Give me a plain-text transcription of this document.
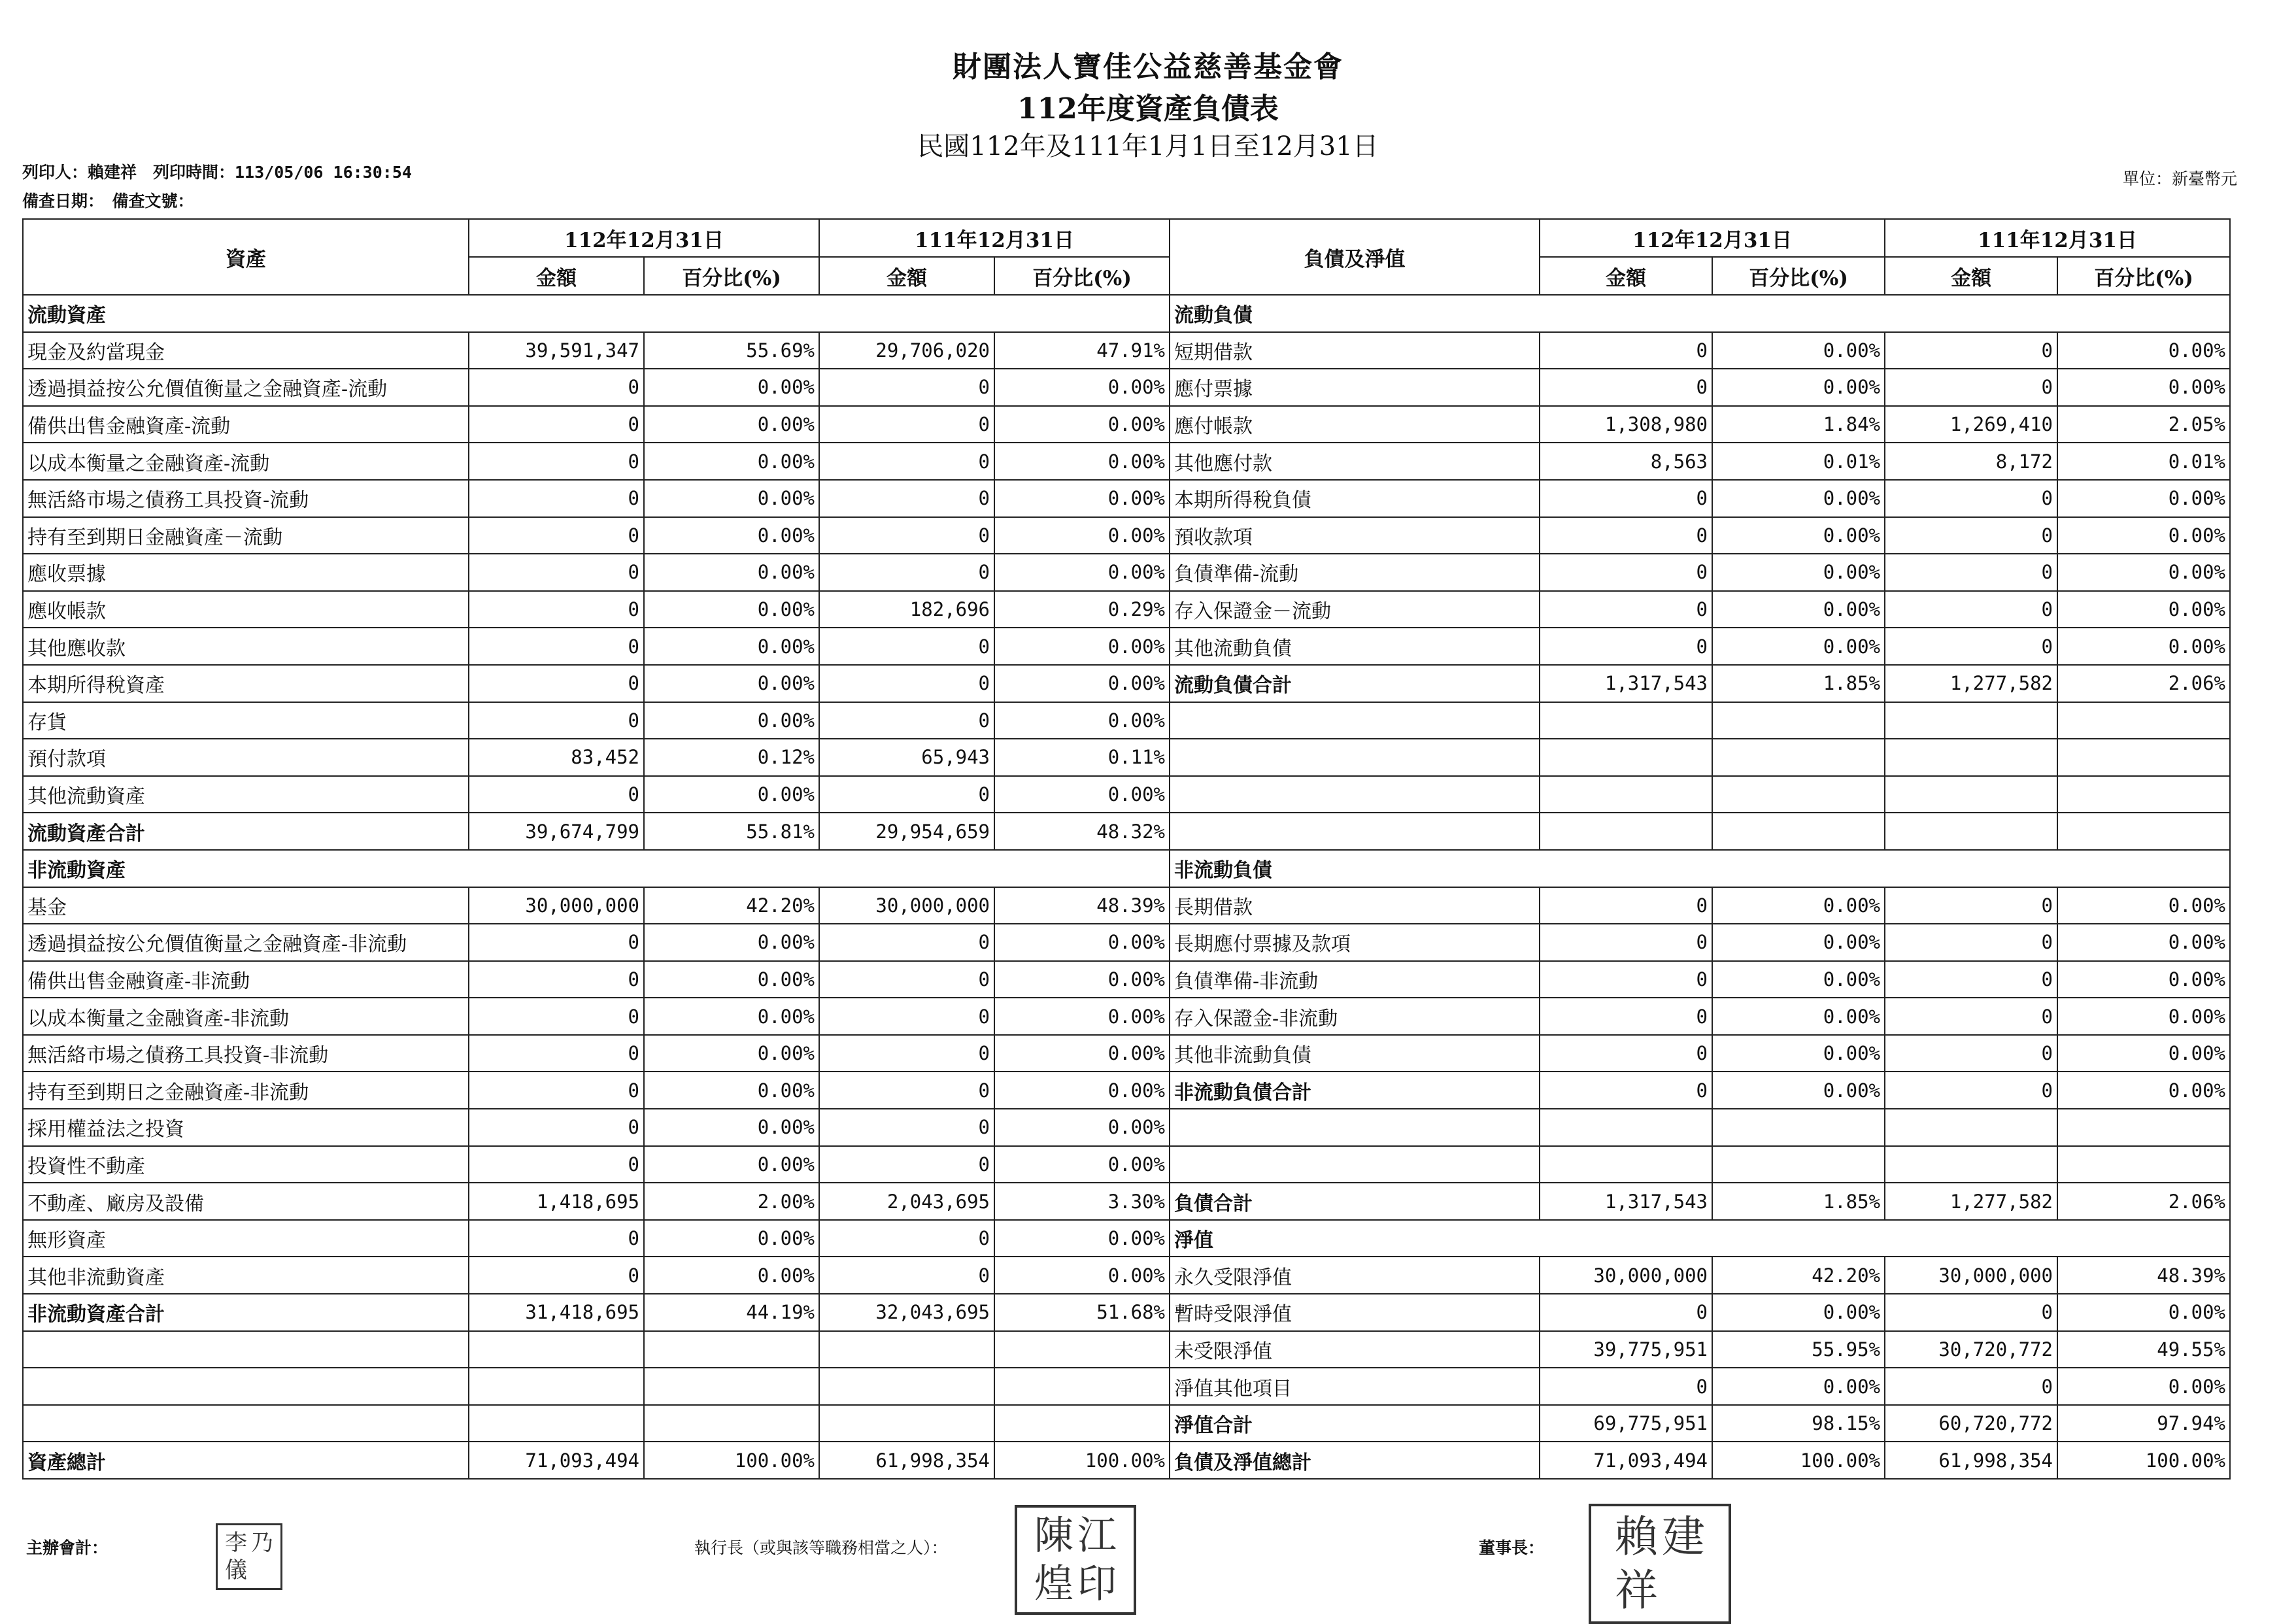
財團法人寶佳公益慈善基金會
112年度資產負債表
民國112年及111年1月1日至12月31日
列印人：賴建祥　列印時間：113/05/06 16:30:54
備查日期：　備查文號：
單位：新臺幣元
資產	112年12月31日		111年12月31日		負債及淨值	112年12月31日		111年12月31日	
	金額	百分比(%)	金額	百分比(%)		金額	百分比(%)	金額	百分比(%)
流動資產					流動負債				
現金及約當現金	39,591,347	55.69%	29,706,020	47.91%	短期借款	0	0.00%	0	0.00%
透過損益按公允價值衡量之金融資產-流動	0	0.00%	0	0.00%	應付票據	0	0.00%	0	0.00%
備供出售金融資產-流動	0	0.00%	0	0.00%	應付帳款	1,308,980	1.84%	1,269,410	2.05%
以成本衡量之金融資產-流動	0	0.00%	0	0.00%	其他應付款	8,563	0.01%	8,172	0.01%
無活絡市場之債務工具投資-流動	0	0.00%	0	0.00%	本期所得稅負債	0	0.00%	0	0.00%
持有至到期日金融資產－流動	0	0.00%	0	0.00%	預收款項	0	0.00%	0	0.00%
應收票據	0	0.00%	0	0.00%	負債準備-流動	0	0.00%	0	0.00%
應收帳款	0	0.00%	182,696	0.29%	存入保證金－流動	0	0.00%	0	0.00%
其他應收款	0	0.00%	0	0.00%	其他流動負債	0	0.00%	0	0.00%
本期所得稅資產	0	0.00%	0	0.00%	流動負債合計	1,317,543	1.85%	1,277,582	2.06%
存貨	0	0.00%	0	0.00%					
預付款項	83,452	0.12%	65,943	0.11%					
其他流動資產	0	0.00%	0	0.00%					
流動資產合計	39,674,799	55.81%	29,954,659	48.32%					
非流動資產					非流動負債				
基金	30,000,000	42.20%	30,000,000	48.39%	長期借款	0	0.00%	0	0.00%
透過損益按公允價值衡量之金融資產-非流動	0	0.00%	0	0.00%	長期應付票據及款項	0	0.00%	0	0.00%
備供出售金融資產-非流動	0	0.00%	0	0.00%	負債準備-非流動	0	0.00%	0	0.00%
以成本衡量之金融資產-非流動	0	0.00%	0	0.00%	存入保證金-非流動	0	0.00%	0	0.00%
無活絡市場之債務工具投資-非流動	0	0.00%	0	0.00%	其他非流動負債	0	0.00%	0	0.00%
持有至到期日之金融資產-非流動	0	0.00%	0	0.00%	非流動負債合計	0	0.00%	0	0.00%
採用權益法之投資	0	0.00%	0	0.00%					
投資性不動產	0	0.00%	0	0.00%					
不動產、廠房及設備	1,418,695	2.00%	2,043,695	3.30%	負債合計	1,317,543	1.85%	1,277,582	2.06%
無形資產	0	0.00%	0	0.00%	淨值				
其他非流動資產	0	0.00%	0	0.00%	永久受限淨值	30,000,000	42.20%	30,000,000	48.39%
非流動資產合計	31,418,695	44.19%	32,043,695	51.68%	暫時受限淨值	0	0.00%	0	0.00%
					未受限淨值	39,775,951	55.95%	30,720,772	49.55%
					淨值其他項目	0	0.00%	0	0.00%
					淨值合計	69,775,951	98.15%	60,720,772	97.94%
資產總計	71,093,494	100.00%	61,998,354	100.00%	負債及淨值總計	71,093,494	100.00%	61,998,354	100.00%
主辦會計：	執行長（或與該等職務相當之人）：	董事長：
李 乃
儀
陳 江
煌 印
賴 建
祥
